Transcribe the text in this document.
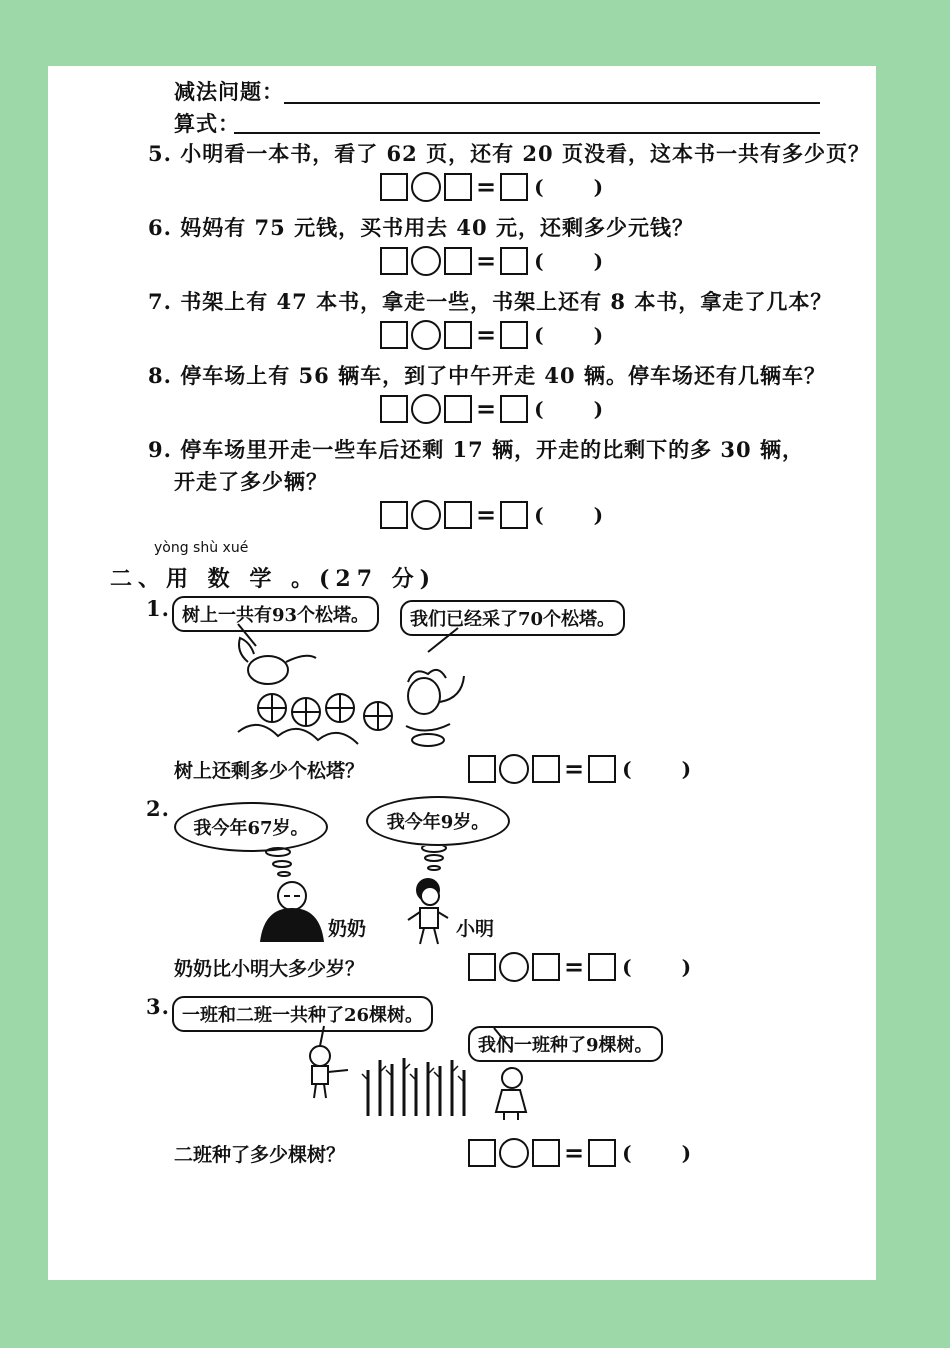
减法问题：
算式：
5. 小明看一本书，看了 62 页，还有 20 页没看，这本书一共有多少页？
= (	)
6. 妈妈有 75 元钱，买书用去 40 元，还剩多少元钱？
= (	)
7. 书架上有 47 本书，拿走一些，书架上还有 8 本书，拿走了几本？
= (	)
8. 停车场上有 56 辆车，到了中午开走 40 辆。停车场还有几辆车？
= (	)
9. 停车场里开走一些车后还剩 17 辆，开走的比剩下的多 30 辆，
开走了多少辆？
= (	)
yòng shù xué
二、用 数 学 。(27 分)
1. 树上一共有93个松塔。	我们已经采了70个松塔。
树上还剩多少个松塔？	= (	)
2.
我今年67岁。	我今年9岁。
奶奶	小明
奶奶比小明大多少岁？	= (	)
3. 一班和二班一共种了26棵树。
我们一班种了9棵树。
二班种了多少棵树？	= (	)
